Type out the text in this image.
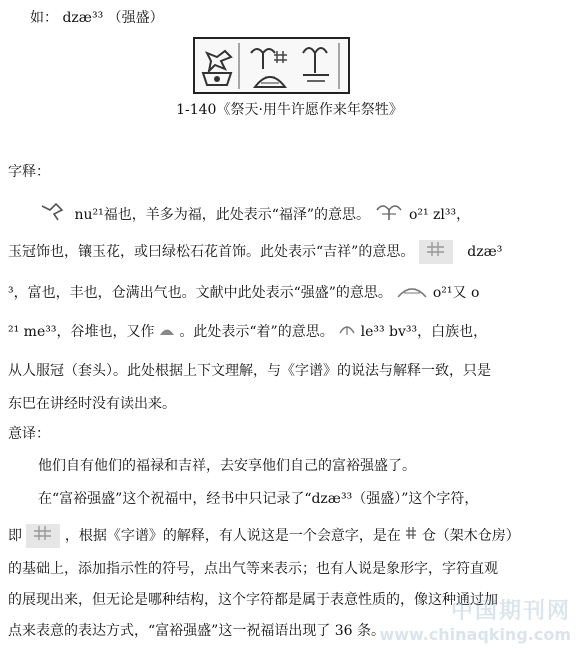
如： dzæ³³ （强盛）
1-140《祭天·用牛许愿作来年祭牲》
字释：
nu²¹福也，羊多为福，此处表示“福泽”的意思。	o²¹ zl³³，
玉冠饰也，镶玉花，或曰绿松石花首饰。此处表示“吉祥”的意思。	dzæ³
³，富也，丰也，仓满出气也。文献中此处表示“强盛”的意思。	o²¹又 o
²¹ me³³，谷堆也，又作 。此处表示“着”的意思。 le³³ bv³³，白族也，
从人服冠（套头）。此处根据上下文理解，与《字谱》的说法与解释一致，只是
东巴在讲经时没有读出来。
意译：
他们自有他们的福禄和吉祥，去安享他们自己的富裕强盛了。
在“富裕强盛”这个祝福中，经书中只记录了“dzæ³³（强盛）”这个字符，
即	，根据《字谱》的解释，有人说这是一个会意字，是在 仓（架木仓房）
的基础上，添加指示性的符号，点出气等来表示；也有人说是象形字，字符直观
的展现出来，但无论是哪种结构，这个字符都是属于表意性质的，像这种通过加
点来表意的表达方式，“富裕强盛”这一祝福语出现了 36 条。
中国期刊网
www.chinaqking.com
